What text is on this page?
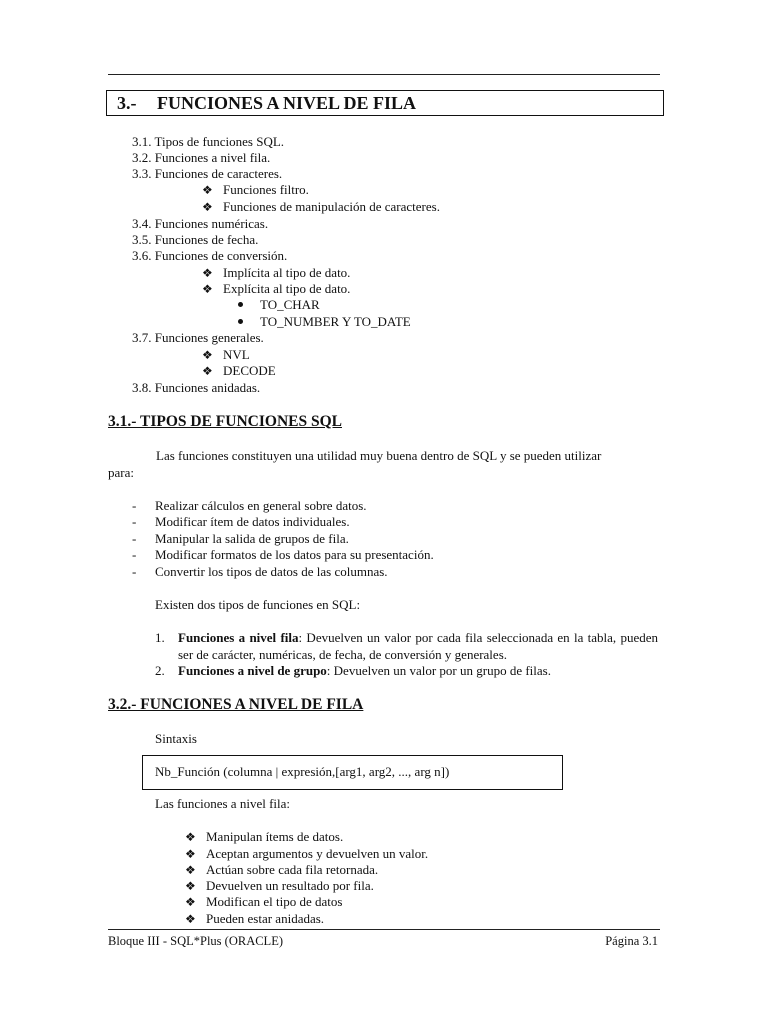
3.- FUNCIONES A NIVEL DE FILA
3.1. Tipos de funciones SQL.
3.2. Funciones a nivel fila.
3.3. Funciones de caracteres.
❖ Funciones filtro.
❖ Funciones de manipulación de caracteres.
3.4. Funciones numéricas.
3.5. Funciones de fecha.
3.6. Funciones de conversión.
❖ Implícita al tipo de dato.
❖ Explícita al tipo de dato.
TO_CHAR
TO_NUMBER Y TO_DATE
3.7. Funciones generales.
❖ NVL
❖ DECODE
3.8. Funciones anidadas.
3.1.- TIPOS DE FUNCIONES SQL
Las funciones constituyen una utilidad muy buena dentro de SQL y se pueden utilizar
para:
- Realizar cálculos en general sobre datos.
- Modificar ítem de datos individuales.
- Manipular la salida de grupos de fila.
- Modificar formatos de los datos para su presentación.
- Convertir los tipos de datos de las columnas.
Existen dos tipos de funciones en SQL:
1. Funciones a nivel fila: Devuelven un valor por cada fila seleccionada en la tabla, pueden ser de carácter, numéricas, de fecha, de conversión y generales.
2. Funciones a nivel de grupo: Devuelven un valor por un grupo de filas.
3.2.- FUNCIONES A NIVEL DE FILA
Sintaxis
Nb_Función (columna | expresión,[arg1, arg2, ..., arg n])
Las funciones a nivel fila:
❖ Manipulan ítems de datos.
❖ Aceptan argumentos y devuelven un valor.
❖ Actúan sobre cada fila retornada.
❖ Devuelven un resultado por fila.
❖ Modifican el tipo de datos
❖ Pueden estar anidadas.
Bloque III - SQL*Plus (ORACLE)	Página 3.1
